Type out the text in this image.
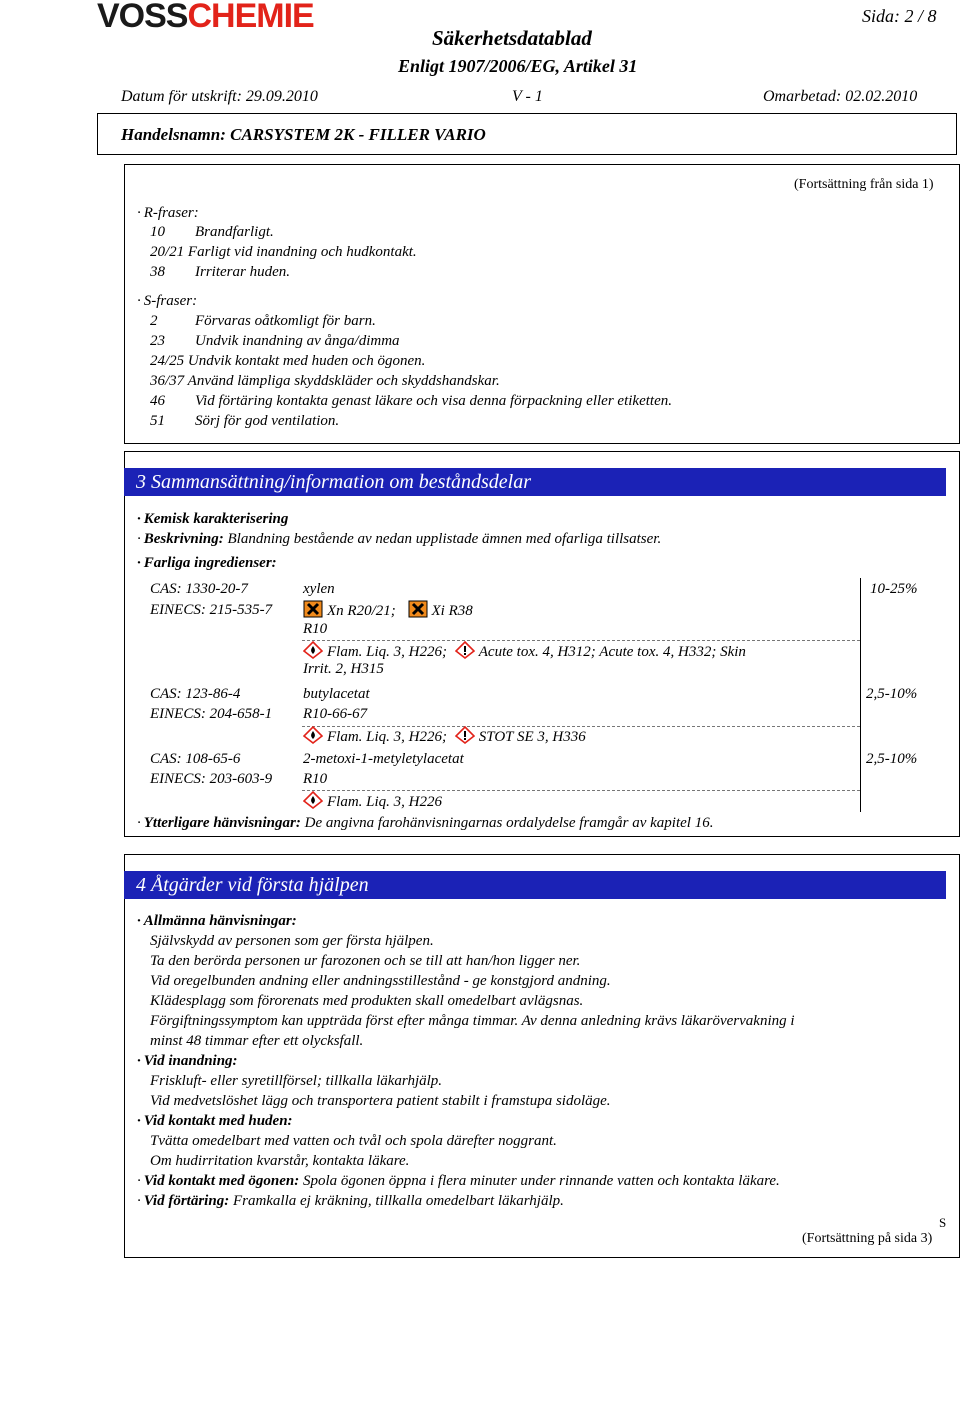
VOSSCHEMIE	Sida: 2 / 8
Säkerhetsdatablad
Enligt 1907/2006/EG, Artikel 31
Datum för utskrift: 29.09.2010	V - 1	Omarbetad: 02.02.2010
Handelsnamn: CARSYSTEM 2K - FILLER VARIO
(Fortsättning från sida 1)
· R-fraser:
10 Brandfarligt.
20/21 Farligt vid inandning och hudkontakt.
38 Irriterar huden.
· S-fraser:
2	Förvaras oåtkomligt för barn.
23 Undvik inandning av ånga/dimma
24/25 Undvik kontakt med huden och ögonen.
36/37 Använd lämpliga skyddskläder och skyddshandskar.
46 Vid förtäring kontakta genast läkare och visa denna förpackning eller etiketten.
51 Sörj för god ventilation.
3 Sammansättning/information om beståndsdelar
· Kemisk karakterisering
· Beskrivning: Blandning bestående av nedan upplistade ämnen med ofarliga tillsatser.
· Farliga ingredienser:
CAS: 1330-20-7
EINECS: 215-535-7
xylen
Xn R20/21; Xi R38
R10
Flam. Liq. 3, H226; Acute tox. 4, H312; Acute tox. 4, H332; Skin
Irrit. 2, H315
10-25%
CAS: 123-86-4
EINECS: 204-658-1
butylacetat
R10-66-67
Flam. Liq. 3, H226; STOT SE 3, H336
2,5-10%
CAS: 108-65-6
EINECS: 203-603-9
2-metoxi-1-metyletylacetat
R10
Flam. Liq. 3, H226
2,5-10%
· Ytterligare hänvisningar: De angivna farohänvisningarnas ordalydelse framgår av kapitel 16.
4 Åtgärder vid första hjälpen
· Allmänna hänvisningar:
Självskydd av personen som ger första hjälpen.
Ta den berörda personen ur farozonen och se till att han/hon ligger ner.
Vid oregelbunden andning eller andningsstillestånd - ge konstgjord andning.
Klädesplagg som förorenats med produkten skall omedelbart avlägsnas.
Förgiftningssymptom kan uppträda först efter många timmar. Av denna anledning krävs läkarövervakning i
minst 48 timmar efter ett olycksfall.
· Vid inandning:
Friskluft- eller syretillförsel; tillkalla läkarhjälp.
Vid medvetslöshet lägg och transportera patient stabilt i framstupa sidoläge.
· Vid kontakt med huden:
Tvätta omedelbart med vatten och tvål och spola därefter noggrant.
Om hudirritation kvarstår, kontakta läkare.
· Vid kontakt med ögonen: Spola ögonen öppna i flera minuter under rinnande vatten och kontakta läkare.
· Vid förtäring: Framkalla ej kräkning, tillkalla omedelbart läkarhjälp.
S
(Fortsättning på sida 3)
